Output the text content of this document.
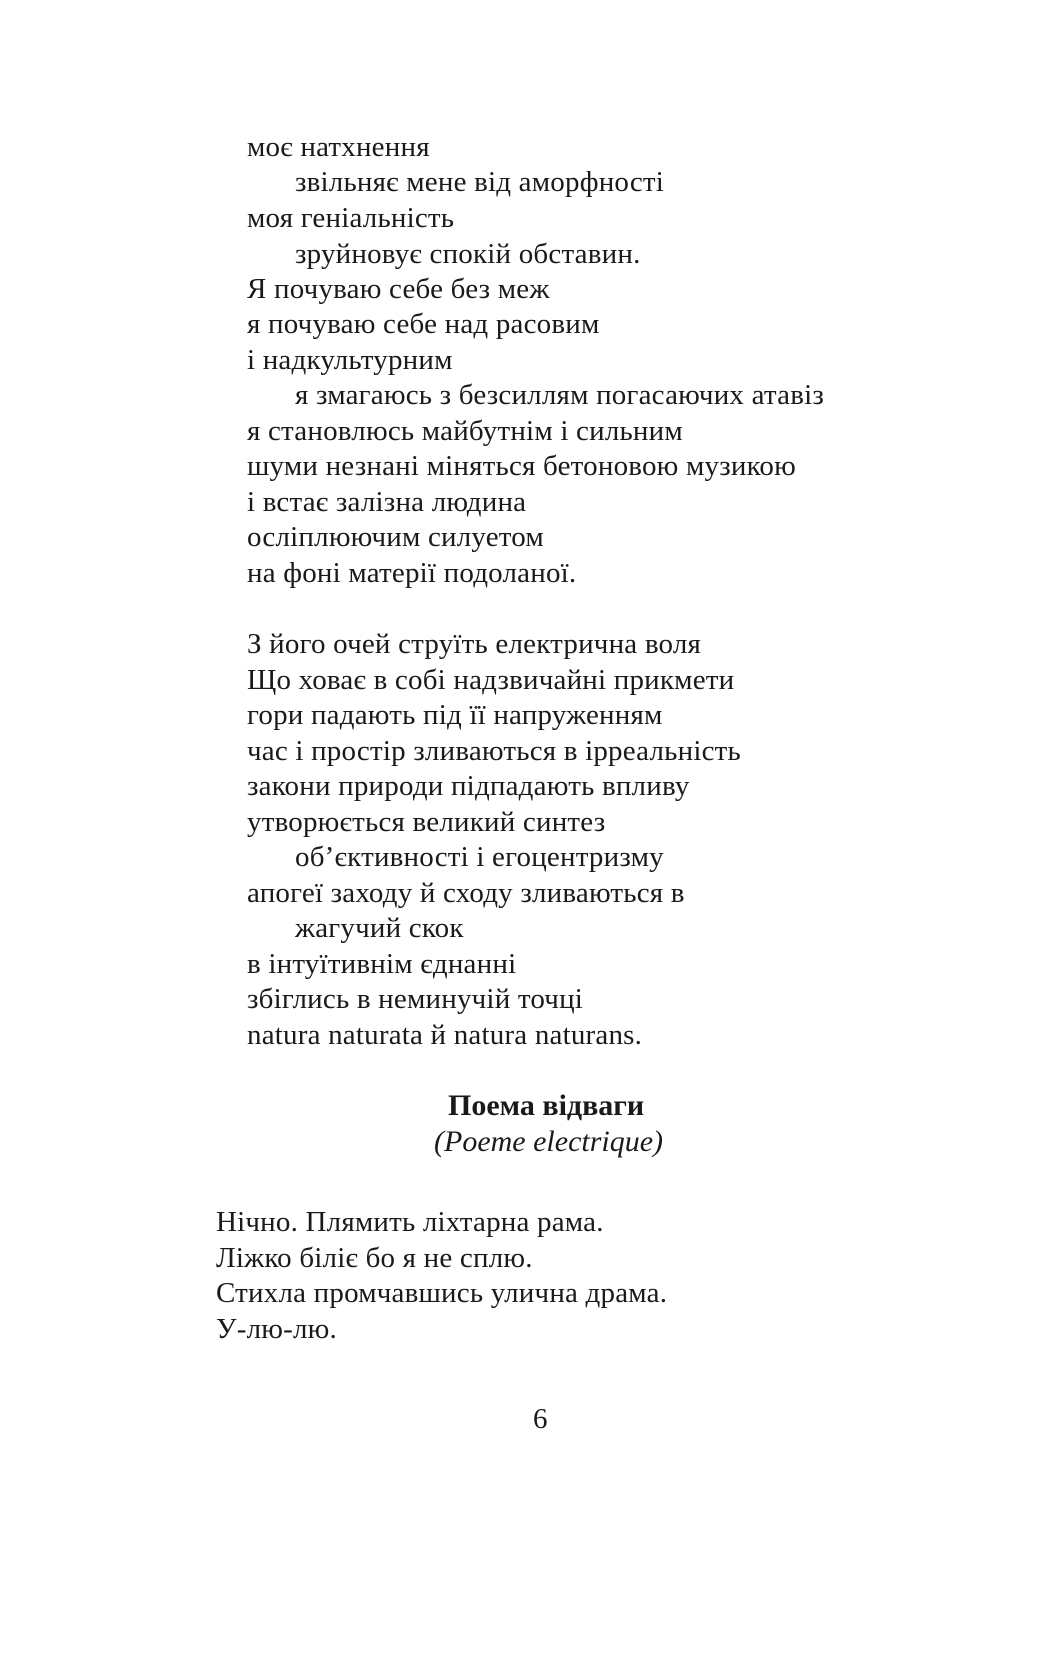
моє натхнення
звільняє мене від аморфності
моя геніальність
зруйновує спокій обставин.
Я почуваю себе без меж
я почуваю себе над расовим
і надкультурним
я змагаюсь з безсиллям погасаючих атавіз
я становлюсь майбутнім і сильним
шуми незнані міняться бетоновою музикою
і встає залізна людина
осліплюючим силуетом
на фоні матерії подоланої.
З його очей струїть електрична воля
Що ховає в собі надзвичайні прикмети
гори падають під її напруженням
час і простір зливаються в ірреальність
закони природи підпадають впливу
утворюється великий синтез
об’єктивності і егоцентризму
апогеї заходу й сходу зливаються в
жагучий скок
в інтуїтивнім єднанні
збіглись в неминучій точці
natura naturata й natura naturans.
Поема відваги
(Poeme electrique)
Нічно. Плямить ліхтарна рама.
Ліжко біліє бо я не сплю.
Стихла промчавшись улична драма.
У-лю-лю.
6
